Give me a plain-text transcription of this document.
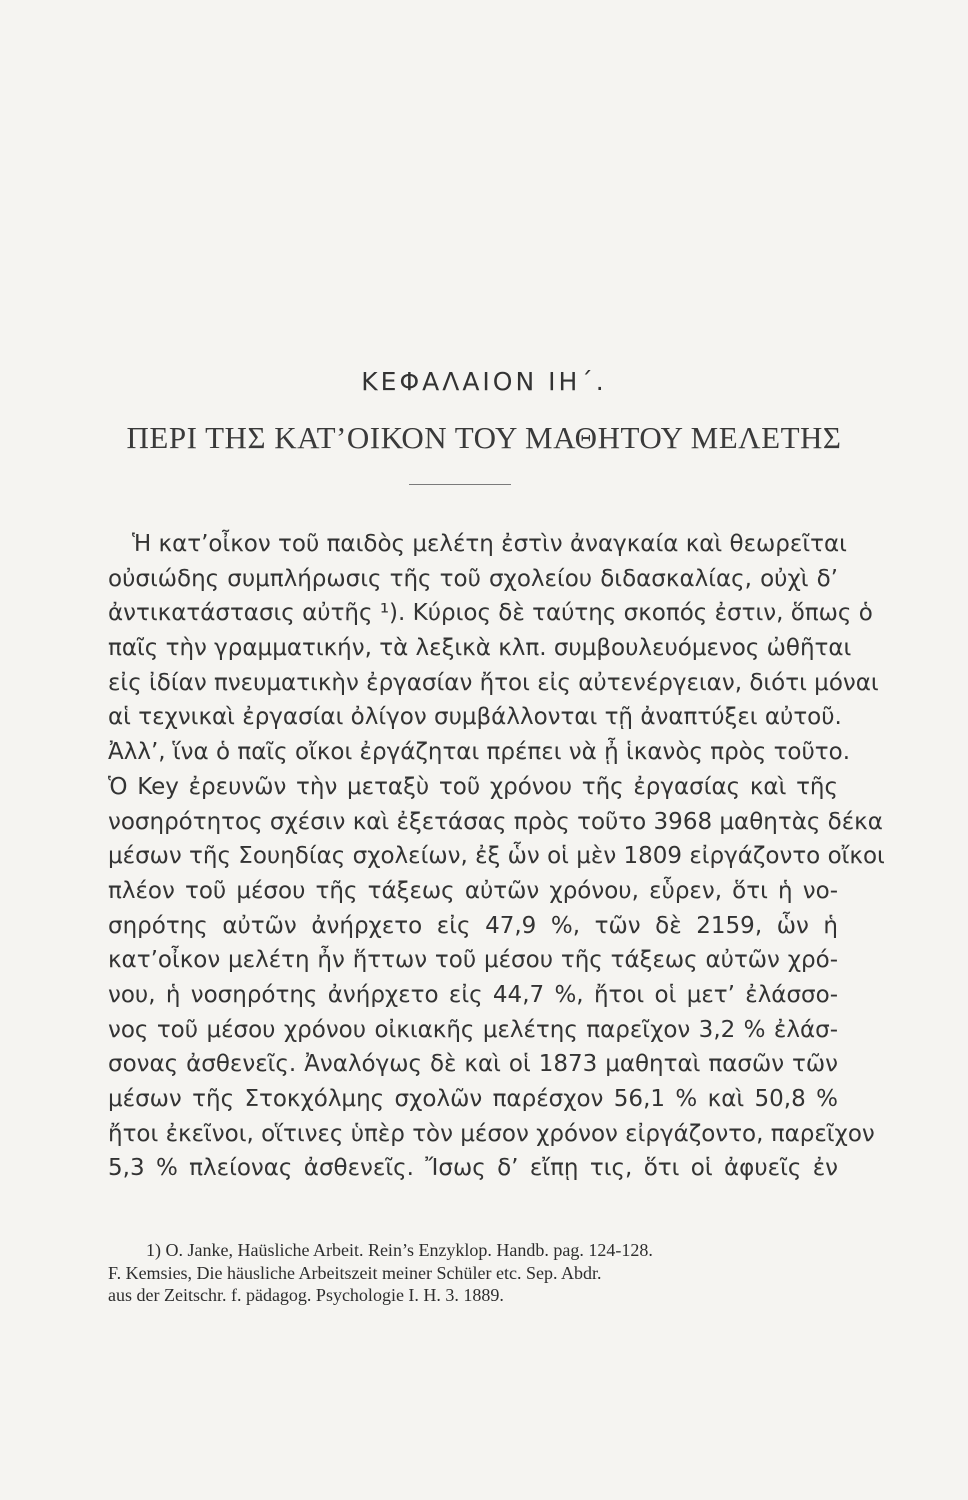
ΚΕΦΑΛΑΙΟΝ ΙΗ΄.
ΠΕΡΙ ΤΗΣ ΚΑΤ’ΟΙΚΟΝ ΤΟΥ ΜΑΘΗΤΟΥ ΜΕΛΕΤΗΣ
Ἡ κατ’οἶκον τοῦ παιδὸς μελέτη ἐστὶν ἀναγκαία καὶ θεωρεῖται
οὐσιώδης συμπλήρωσις τῆς τοῦ σχολείου διδασκαλίας, οὐχὶ δ’
ἀντικατάστασις αὐτῆς ¹). Κύριος δὲ ταύτης σκοπός ἐστιν, ὅπως ὁ
παῖς τὴν γραμματικήν, τὰ λεξικὰ κλπ. συμβουλευόμενος ὠθῆται
εἰς ἰδίαν πνευματικὴν ἐργασίαν ἤτοι εἰς αὐτενέργειαν, διότι μόναι
αἱ τεχνικαὶ ἐργασίαι ὀλίγον συμβάλλονται τῇ ἀναπτύξει αὐτοῦ.
Ἀλλ’, ἵνα ὁ παῖς οἴκοι ἐργάζηται πρέπει νὰ ᾖ ἱκανὸς πρὸς τοῦτο.
Ὁ Key ἐρευνῶν τὴν μεταξὺ τοῦ χρόνου τῆς ἐργασίας καὶ τῆς
νοσηρότητος σχέσιν καὶ ἐξετάσας πρὸς τοῦτο 3968 μαθητὰς δέκα
μέσων τῆς Σουηδίας σχολείων, ἐξ ὧν οἱ μὲν 1809 εἰργάζοντο οἴκοι
πλέον τοῦ μέσου τῆς τάξεως αὐτῶν χρόνου, εὗρεν, ὅτι ἡ νο-
σηρότης αὐτῶν ἀνήρχετο εἰς 47,9 %, τῶν δὲ 2159, ὧν ἡ
κατ’οἶκον μελέτη ἦν ἥττων τοῦ μέσου τῆς τάξεως αὐτῶν χρό-
νου, ἡ νοσηρότης ἀνήρχετο εἰς 44,7 %, ἤτοι οἱ μετ’ ἐλάσσο-
νος τοῦ μέσου χρόνου οἰκιακῆς μελέτης παρεῖχον 3,2 % ἐλάσ-
σονας ἀσθενεῖς. Ἀναλόγως δὲ καὶ οἱ 1873 μαθηταὶ πασῶν τῶν
μέσων τῆς Στοκχόλμης σχολῶν παρέσχον 56,1 % καὶ 50,8 %
ἤτοι ἐκεῖνοι, οἵτινες ὑπὲρ τὸν μέσον χρόνον εἰργάζοντο, παρεῖχον
5,3 % πλείονας ἀσθενεῖς. Ἴσως δ’ εἴπῃ τις, ὅτι οἱ ἀφυεῖς ἐν
1) O. Janke, Haüsliche Arbeit. Rein’s Enzyklop. Handb. pag. 124-128.
F. Kemsies, Die häusliche Arbeitszeit meiner Schüler etc. Sep. Abdr.
aus der Zeitschr. f. pädagog. Psychologie I. H. 3. 1889.
